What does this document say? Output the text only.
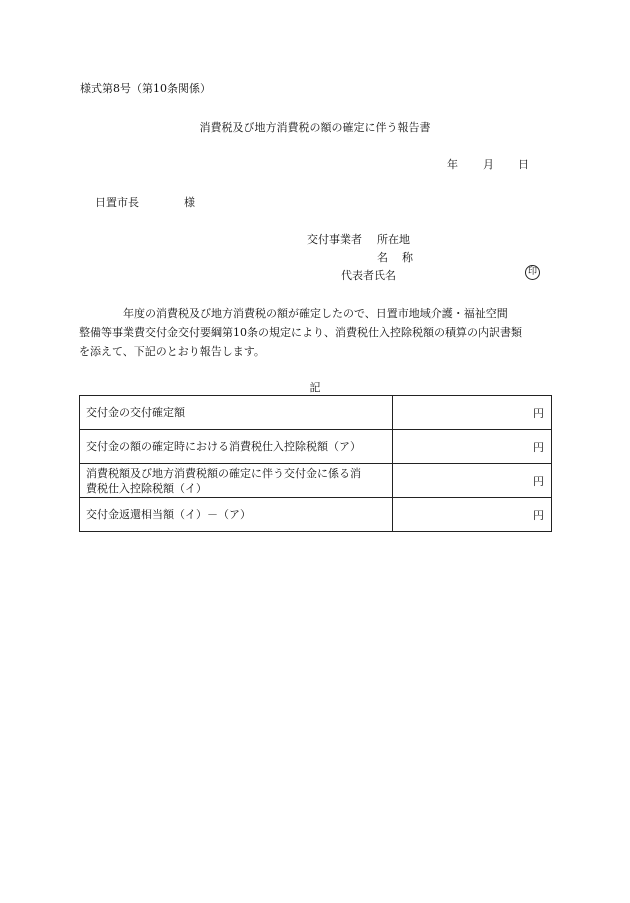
様式第8号（第10条関係）
消費税及び地方消費税の額の確定に伴う報告書
年 月 日
日置市長	様
交付事業者 所在地
名 称
代表者氏名	印
年度の消費税及び地方消費税の額が確定したので、日置市地域介護・福祉空間
整備等事業費交付金交付要綱第10条の規定により、消費税仕入控除税額の積算の内訳書類
を添えて、下記のとおり報告します。
記
交付金の交付確定額	円
交付金の額の確定時における消費税仕入控除税額（ア）	円
消費税額及び地方消費税額の確定に伴う交付金に係る消
費税仕入控除税額（イ）	円
交付金返還相当額（イ）－（ア）	円
